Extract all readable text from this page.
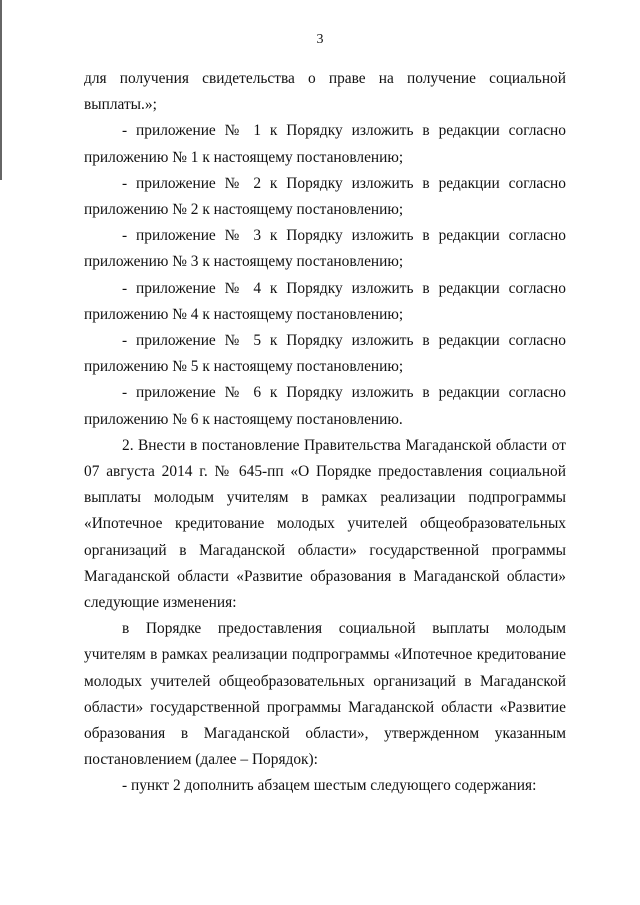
3

для получения свидетельства о праве на получение социальной выплаты.»;

- приложение № 1 к Порядку изложить в редакции согласно приложению № 1 к настоящему постановлению;

- приложение № 2 к Порядку изложить в редакции согласно приложению № 2 к настоящему постановлению;

- приложение № 3 к Порядку изложить в редакции согласно приложению № 3 к настоящему постановлению;

- приложение № 4 к Порядку изложить в редакции согласно приложению № 4 к настоящему постановлению;

- приложение № 5 к Порядку изложить в редакции согласно приложению № 5 к настоящему постановлению;

- приложение № 6 к Порядку изложить в редакции согласно приложению № 6 к настоящему постановлению.

2. Внести в постановление Правительства Магаданской области от 07 августа 2014 г. № 645-пп «О Порядке предоставления социальной выплаты молодым учителям в рамках реализации подпрограммы «Ипотечное кредитование молодых учителей общеобразовательных организаций в Магаданской области» государственной программы Магаданской области «Развитие образования в Магаданской области» следующие изменения:

в Порядке предоставления социальной выплаты молодым учителям в рамках реализации подпрограммы «Ипотечное кредитование молодых учителей общеобразовательных организаций в Магаданской области» государственной программы Магаданской области «Развитие образования в Магаданской области», утвержденном указанным постановлением (далее – Порядок):

- пункт 2 дополнить абзацем шестым следующего содержания:
